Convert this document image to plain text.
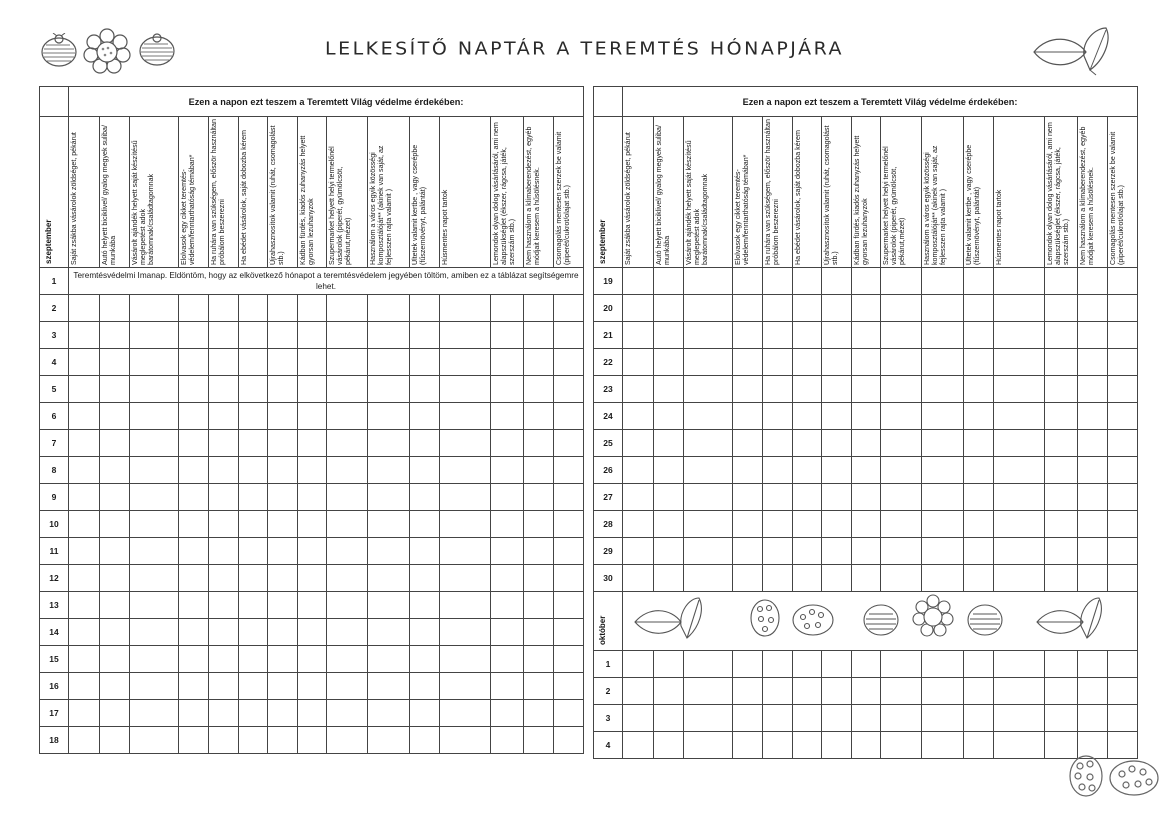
LELKESÍTŐ NAPTÁR A TEREMTÉS HÓNAPJÁRA
	Ezen a napon ezt teszem a Teremtett Világ védelme érdekében:														

szeptember	Saját zsákba vásárolok zöldséget, pékárut	Autó helyett biciklivel/ gyalog megyek suliba/ munkába	Vásárolt ajándék helyett saját készítésű meglepetést adok barátomnak/családtagomnak	Elolvasok egy cikket teremtés-védelem/fenntarthatóság témában*	Ha ruhára van szükségem, először használtan próbálom beszerezni	Ha ebédet vásárolok, saját dobozba kérem	Újrahasznosítok valamit (ruhát, csomagolást stb.)	Kádban fürdés, kiadós zuhanyzás helyett gyorsan lezuhanyzok	Szupermarket helyett helyi termelőnél vásárolok (piperét, gyümölcsöt, pékárut,mézet)	Használom a város egyik közösségi komposztálóját** (akinek van saját, az fejlesszen rajta valamit )	Ültetek valamit kertbe , vagy cserépbe (fűszernövényt, palántát)	Húsmentes napot tartok	Lemondok olyan dolog vásárlásáról, ami nem alapszükséglet (ékszer, rágcsa, játék, szerszám stb.)	Nem használom a klímaberendezést, egyéb módjait keresem a hűsölésnek.	Csomagolás mentesen szerzek be valamit (piperét/cukrot/olajat stb.)

1	Teremtésvédelmi Imanap. Eldöntöm, hogy az elkövetkező hónapot a teremtésvédelem jegyében töltöm, amiben ez a táblázat segítségemre lehet.														
2															
3															
4															
5															
6															
7															
8															
9															
10															
11															
12															
13															
14															
15															
16															
17															
18															
	Ezen a napon ezt teszem a Teremtett Világ védelme érdekében:														

szeptember	Saját zsákba vásárolok zöldséget, pékárut	Autó helyett biciklivel/ gyalog megyek suliba/ munkába	Vásárolt ajándék helyett saját készítésű meglepetést adok barátomnak/családtagomnak	Elolvasok egy cikket teremtés-védelem/fenntarthatóság témában*	Ha ruhára van szükségem, először használtan próbálom beszerezni	Ha ebédet vásárolok, saját dobozba kérem	Újrahasznosítok valamit (ruhát, csomagolást stb.)	Kádban fürdés, kiadós zuhanyzás helyett gyorsan lezuhanyzok	Szupermarket helyett helyi termelőnél vásárolok (piperét, gyümölcsöt, pékárut,mézet)	Használom a város egyik közösségi komposztálóját** (akinek van saját, az fejlesszen rajta valamit )	Ültetek valamit kertbe , vagy cserépbe (fűszernövényt, palántát)	Húsmentes napot tartok	Lemondok olyan dolog vásárlásáról, ami nem alapszükséglet (ékszer, rágcsa, játék, szerszám stb.)	Nem használom a klímaberendezést, egyéb módjait keresem a hűsölésnek.	Csomagolás mentesen szerzek be valamit (piperét/cukrot/olajat stb.)

19															
20															
21															
22															
23															
24															
25															
26															
27															
28															
29															
30															

október

1															
2															
3															
4															
